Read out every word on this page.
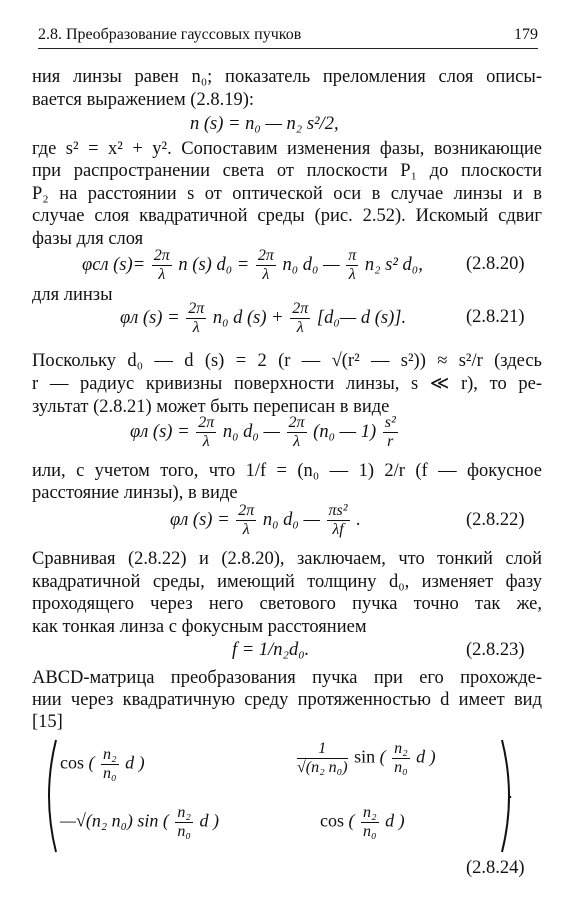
2.8. Преобразование гауссовых пучков	179
ния линзы равен n₀; показатель преломления слоя описы-
вается выражением (2.8.19):
n (s) = n₀ — n₂ s²/2,
где s² = x² + y². Сопоставим изменения фазы, возникающие
при распространении света от плоскости P₁ до плоскости
P₂ на расстоянии s от оптической оси в случае линзы и в
случае слоя квадратичной среды (рис. 2.52). Искомый сдвиг
фазы для слоя
φсл $(s)= \frac{2\pi}{\lambda}$ n (s) $d_0 = \frac{2\pi}{\lambda} n_0$ d₀ — $\frac{\pi}{\lambda} n_2$ s² d₀, (2.8.20)
для линзы
φл $(s) = \frac{2\pi}{\lambda} n_0$ d $(s) + \frac{2\pi}{\lambda}$ [d₀— d (s)].	(2.8.21)
Поскольку d₀ — d (s) = 2 (r — √(r² — s²)) ≈ s²/r (здесь
r — радиус кривизны поверхности линзы, s ≪ r), то ре-
зультат (2.8.21) может быть переписан в виде
φл $(s) = \frac{2\pi}{\lambda} n_0$ d₀ — $\frac{2\pi}{\lambda} (n_0$ — $1) \frac{\text{s²}}{r}$
или, с учетом того, что 1/f = (n₀ — 1) 2/r (f — фокусное
расстояние линзы), в виде
φл $(s) = \frac{2\pi}{\lambda} n_0$ d₀ — $\frac{\text{πs²}}{\lambda f}$ .	(2.8.22)
Сравнивая (2.8.22) и (2.8.20), заключаем, что тонкий слой
квадратичной среды, имеющий толщину d₀, изменяет фазу
проходящего через него светового пучка точно так же,
как тонкая линза с фокусным расстоянием
f = 1/n₂d₀.	(2.8.23)
ABCD-матрица преобразования пучка при его прохожде-
нии через квадратичную среду протяженностью d имеет вид
[15]
cos ( $\frac{\text{n₂}}{\text{n₀}}$ d )	$\frac{1}{\text{√(n₂ n₀)}}$ sin ( $\frac{\text{n₂}}{\text{n₀}}$ d )
—√(n₂ n₀) sin ( $\frac{\text{n₂}}{\text{n₀}}$ d )	cos ( $\frac{\text{n₂}}{\text{n₀}}$ d )
.
(2.8.24)
